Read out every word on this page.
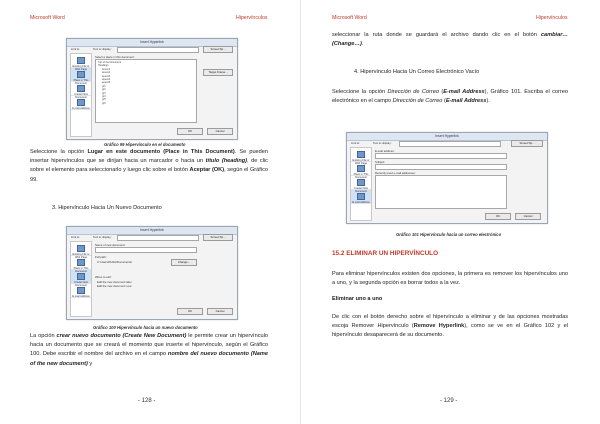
Microsoft Word	Hipervínculos
Insert Hyperlink
Link to:	Text to display:	ScreenTip...
Existing File or Web Page
Place in This Document
Create New Document
E-mail Address
Select a place in this document:
Top of the Document
Headings
anexo1
anexo2
anexo3
anexo4
anexo5
gr1
gr2
gr3
gr4
gr5
gr6
Target Frame...
OK	Cancel
Gráfico 99 Hipervínculo en el documento
Seleccione la opción Lugar en este documento (Place in This Document). Se pueden insertar hipervínculos que se dirijan hacia un marcador o hacia un título (heading), de clic sobre el elemento para seleccionarlo y luego clic sobre el botón Aceptar (OK), según el Gráfico 99.
3. Hipervínculo Hacia Un Nuevo Documento
Insert Hyperlink
Link to:	Text to display:	ScreenTip...
Existing File or Web Page
Place in This Document
Create New Document
E-mail Address
Name of new document:
Full path:
C:\Users\Public\Documents\	Change...
When to edit:
Edit the new document later
Edit the new document now
OK	Cancel
Gráfico 100 Hipervínculo hacia un nuevo documento
La opción crear nuevo documento (Create New Document) le permite crear un hipervínculo hacia un documento que se creará el momento que inserte el hipervínculo, según el Gráfico 100. Debe escribir el nombre del archivo en el campo nombre del nuevo documento (Name of the new document) y
- 128 -
Microsoft Word	Hipervínculos
seleccionar la ruta donde se guardará el archivo dando clic en el botón cambiar… (Change…).
4. Hipervínculo Hacia Un Correo Electrónico Vacío
Seleccione la opción Dirección de Correo (E-mail Address), Gráfico 101. Escriba el correo electrónico en el campo Dirección de Correo (E-mail Address).
Insert Hyperlink
Link to:	Text to display:	ScreenTip...
Existing File or Web Page
Place in This Document
Create New Document
E-mail Address
E-mail address:
Subject:
Recently used e-mail addresses:
OK	Cancel
Gráfico 101 Hipervínculo hacia un correo electrónico
15.2 ELIMINAR UN HIPERVÍNCULO
Para eliminar hipervínculos existen dos opciones, la primera es remover los hipervínculos uno a uno, y la segunda opción es borrar todos a la vez.
Eliminar uno a uno
De clic con el botón derecho sobre el hipervínculo a eliminar y de las opciones mostradas escoja Remover Hipervínculo (Remove Hyperlink), como se ve en el Gráfico 102 y el hipervínculo desaparecerá de su documento.
- 129 -
